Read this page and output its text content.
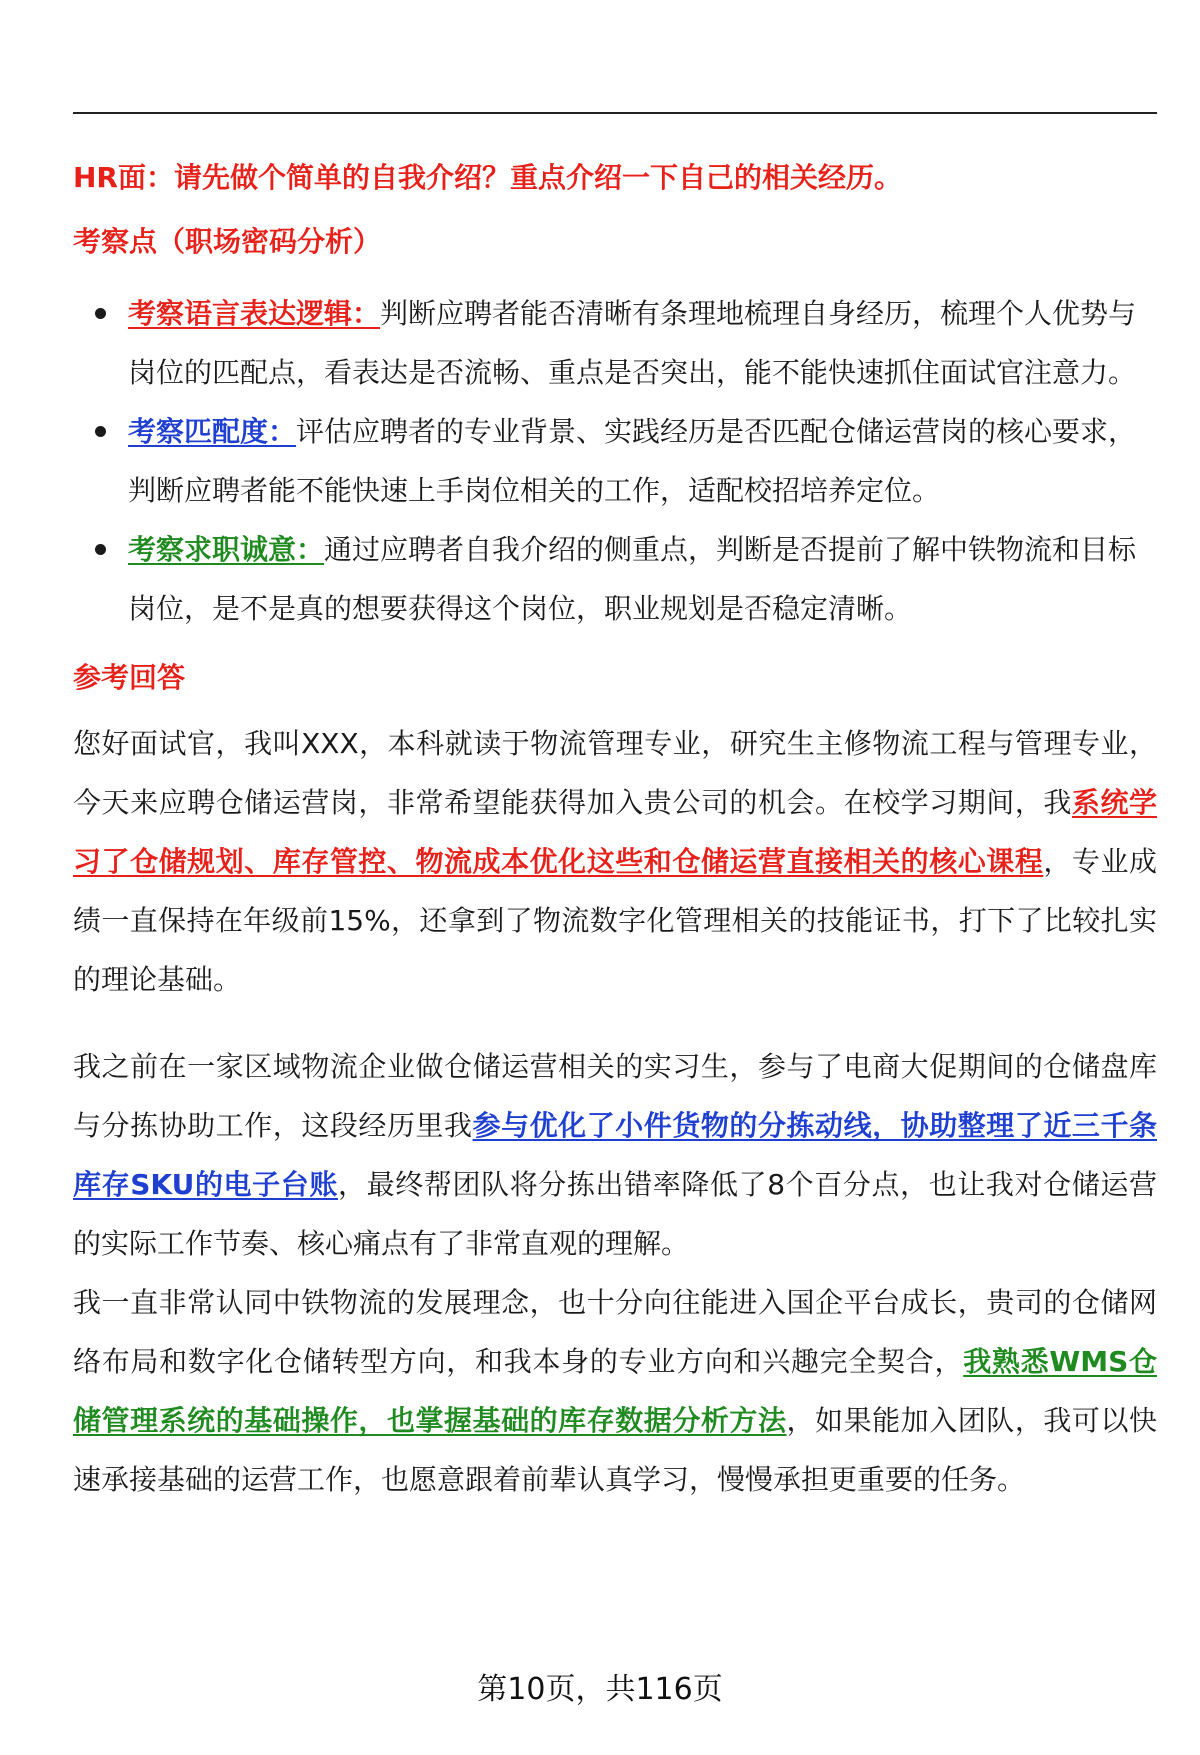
HR面：请先做个简单的自我介绍？重点介绍一下自己的相关经历。
考察点（职场密码分析）
考察语言表达逻辑：判断应聘者能否清晰有条理地梳理自身经历，梳理个人优势与岗位的匹配点，看表达是否流畅、重点是否突出，能不能快速抓住面试官注意力。
考察匹配度：评估应聘者的专业背景、实践经历是否匹配仓储运营岗的核心要求，判断应聘者能不能快速上手岗位相关的工作，适配校招培养定位。
考察求职诚意：通过应聘者自我介绍的侧重点，判断是否提前了解中铁物流和目标岗位，是不是真的想要获得这个岗位，职业规划是否稳定清晰。
参考回答

您好面试官，我叫XXX，本科就读于物流管理专业，研究生主修物流工程与管理专业，今天来应聘仓储运营岗，非常希望能获得加入贵公司的机会。在校学习期间，我系统学习了仓储规划、库存管控、物流成本优化这些和仓储运营直接相关的核心课程，专业成绩一直保持在年级前15%，还拿到了物流数字化管理相关的技能证书，打下了比较扎实的理论基础。

我之前在一家区域物流企业做仓储运营相关的实习生，参与了电商大促期间的仓储盘库与分拣协助工作，这段经历里我参与优化了小件货物的分拣动线，协助整理了近三千条库存SKU的电子台账，最终帮团队将分拣出错率降低了8个百分点，也让我对仓储运营的实际工作节奏、核心痛点有了非常直观的理解。

我一直非常认同中铁物流的发展理念，也十分向往能进入国企平台成长，贵司的仓储网络布局和数字化仓储转型方向，和我本身的专业方向和兴趣完全契合，我熟悉WMS仓储管理系统的基础操作，也掌握基础的库存数据分析方法，如果能加入团队，我可以快速承接基础的运营工作，也愿意跟着前辈认真学习，慢慢承担更重要的任务。

第10页，共116页
